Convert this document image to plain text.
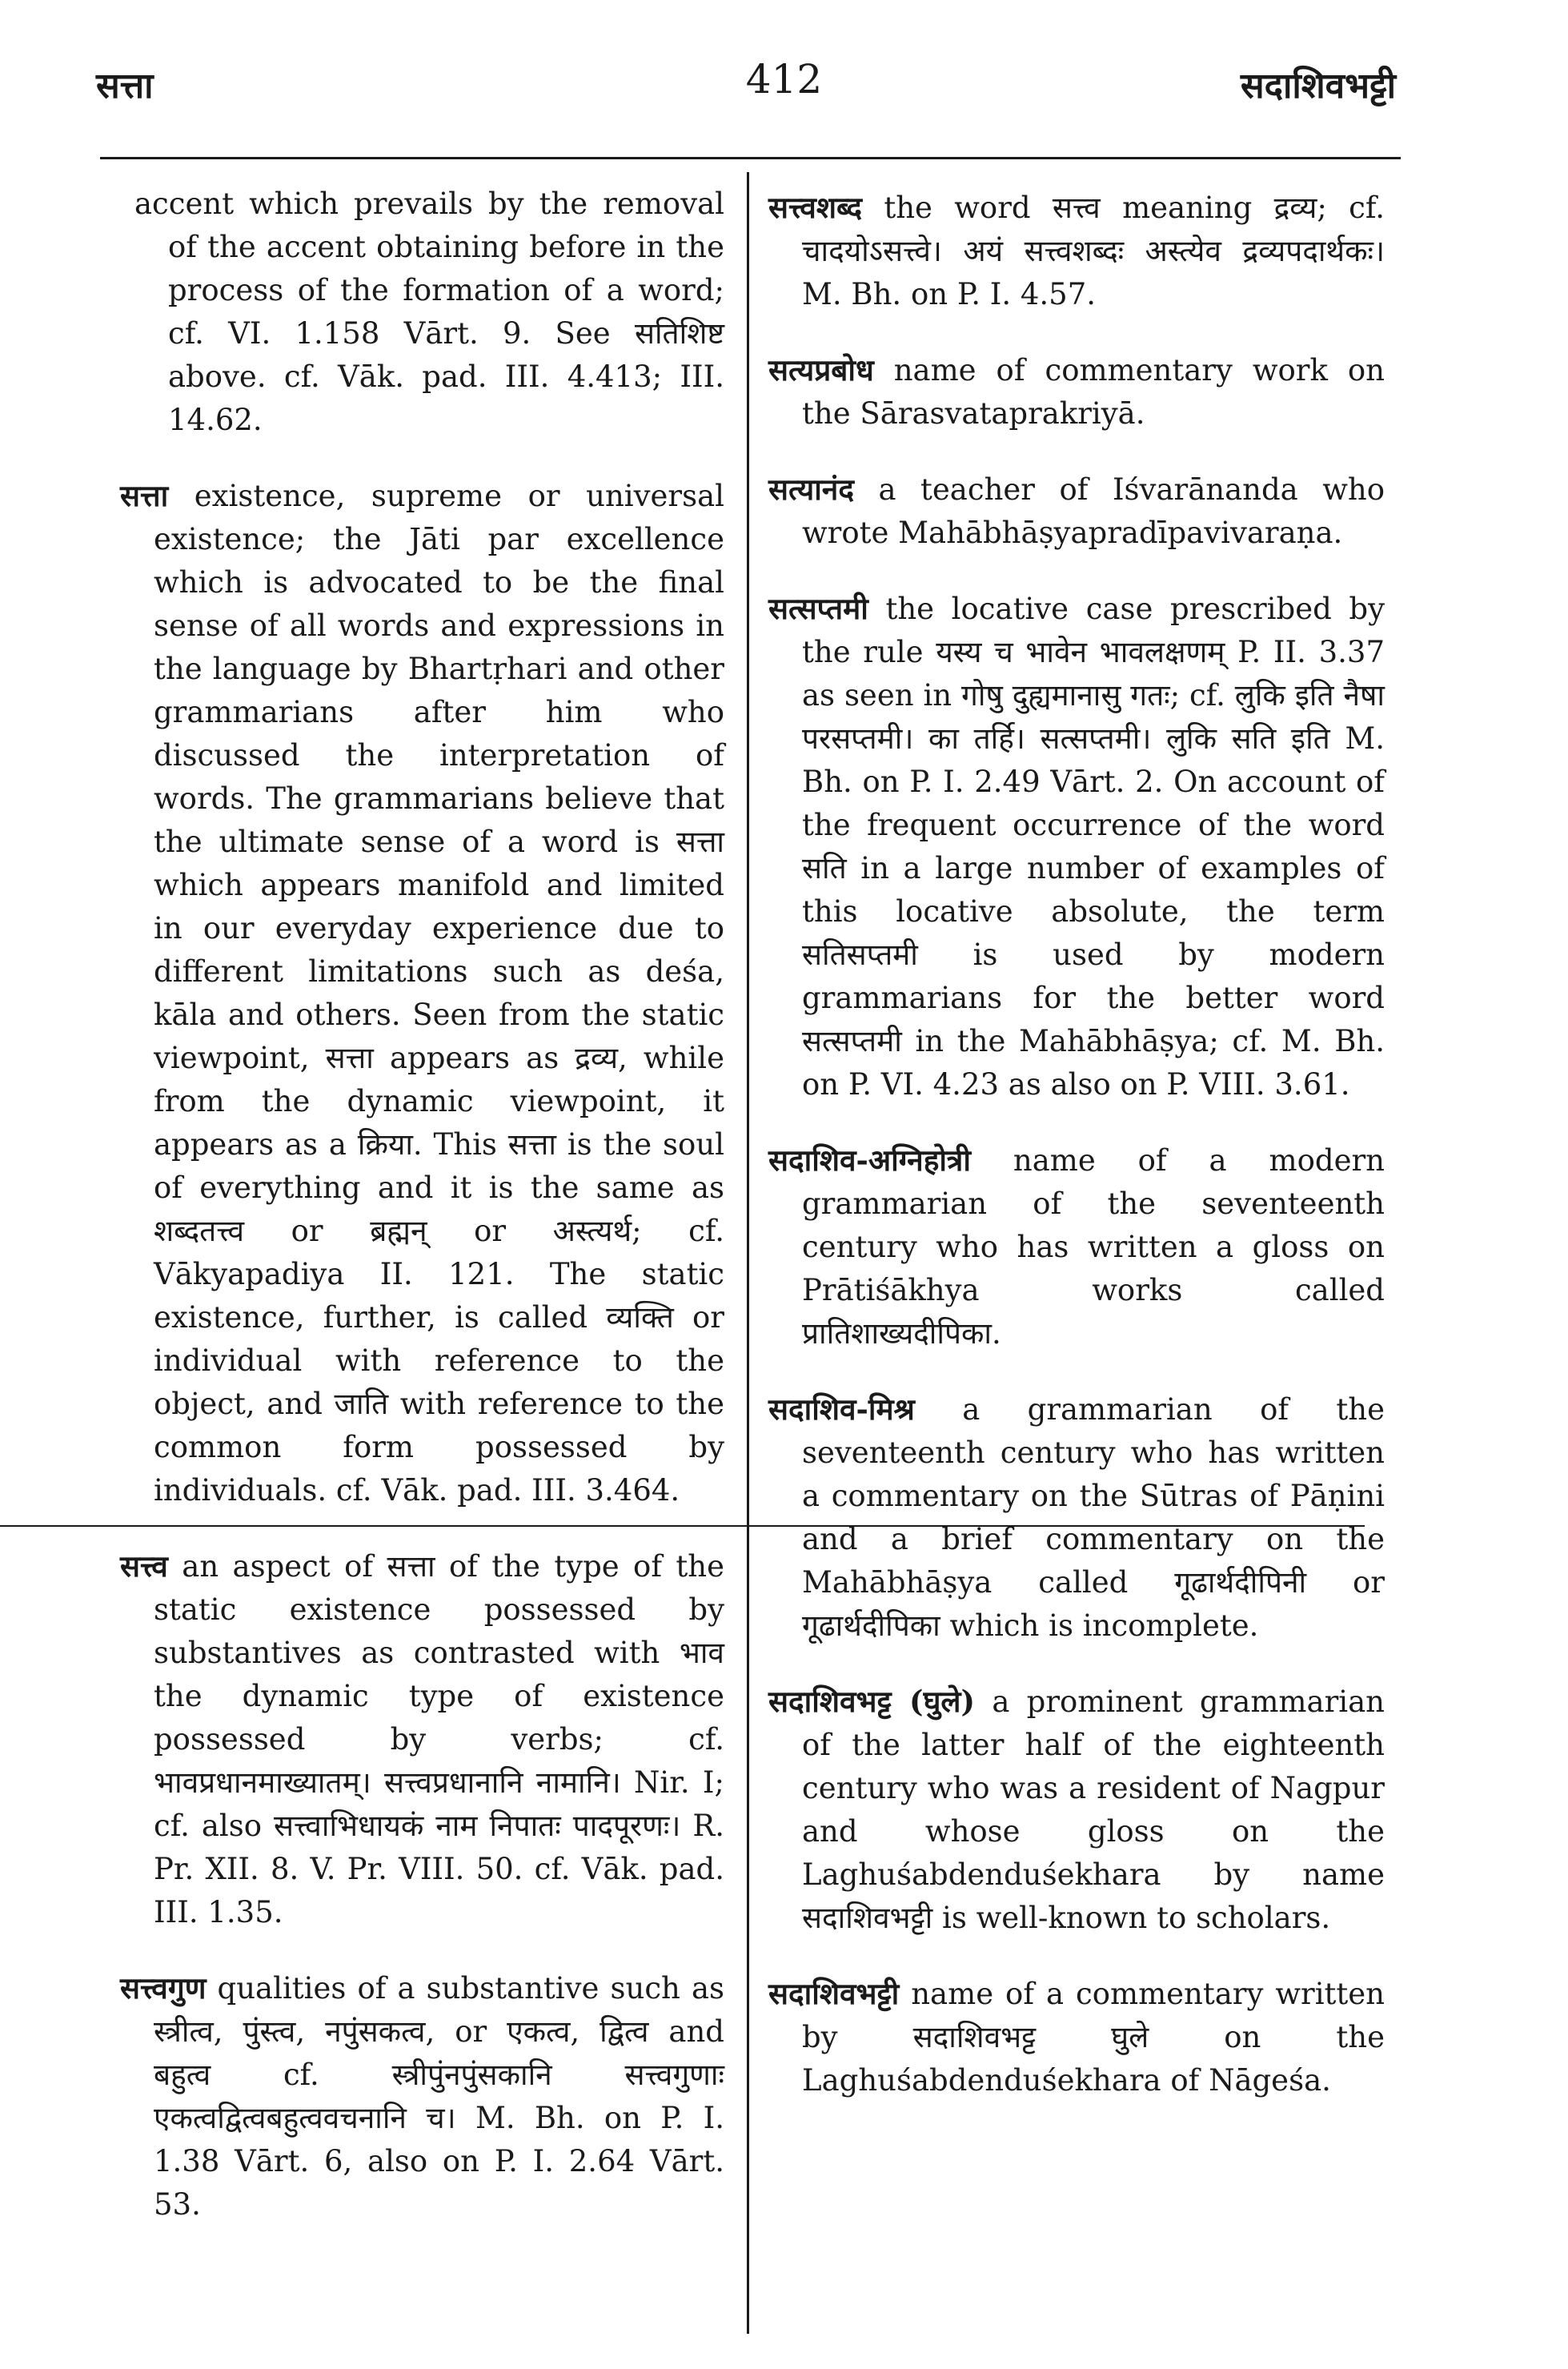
सत्ता	412	सदाशिवभट्टी
accent which prevails by the removal of the accent obtaining before in the process of the formation of a word; cf. VI. 1.158 Vārt. 9. See सतिशिष्ट above. cf. Vāk. pad. III. 4.413; III. 14.62.
सत्ता existence, supreme or universal existence; the Jāti par excellence which is advocated to be the final sense of all words and expressions in the language by Bhartṛhari and other grammarians after him who discussed the interpretation of words. The grammarians believe that the ultimate sense of a word is सत्ता which appears manifold and limited in our everyday experience due to different limitations such as deśa, kāla and others. Seen from the static viewpoint, सत्ता appears as द्रव्य, while from the dynamic viewpoint, it appears as a क्रिया. This सत्ता is the soul of everything and it is the same as शब्दतत्त्व or ब्रह्मन् or अस्त्यर्थ; cf. Vākyapadiya II. 121. The static existence, further, is called व्यक्ति or individual with reference to the object, and जाति with reference to the common form possessed by individuals. cf. Vāk. pad. III. 3.464.
सत्त्व an aspect of सत्ता of the type of the static existence possessed by substantives as contrasted with भाव the dynamic type of existence possessed by verbs; cf. भावप्रधानमाख्यातम्। सत्त्वप्रधानानि नामानि। Nir. I; cf. also सत्त्वाभिधायकं नाम निपातः पादपूरणः। R. Pr. XII. 8. V. Pr. VIII. 50. cf. Vāk. pad. III. 1.35.
सत्त्वगुण qualities of a substantive such as स्त्रीत्व, पुंस्त्व, नपुंसकत्व, or एकत्व, द्वित्व and बहुत्व cf. स्त्रीपुंनपुंसकानि सत्त्वगुणाः एकत्वद्वित्वबहुत्ववचनानि च। M. Bh. on P. I. 1.38 Vārt. 6, also on P. I. 2.64 Vārt. 53.
सत्त्वशब्द the word सत्त्व meaning द्रव्य; cf. चादयोऽसत्त्वे। अयं सत्त्वशब्दः अस्त्येव द्रव्यपदार्थकः। M. Bh. on P. I. 4.57.
सत्यप्रबोध name of commentary work on the Sārasvataprakriyā.
सत्यानंद a teacher of Iśvarānanda who wrote Mahābhāṣyapradīpavivaraṇa.
सत्सप्तमी the locative case prescribed by the rule यस्य च भावेन भावलक्षणम् P. II. 3.37 as seen in गोषु दुह्यमानासु गतः; cf. लुकि इति नैषा परसप्तमी। का तर्हि। सत्सप्तमी। लुकि सति इति M. Bh. on P. I. 2.49 Vārt. 2. On account of the frequent occurrence of the word सति in a large number of examples of this locative absolute, the term सतिसप्तमी is used by modern grammarians for the better word सत्सप्तमी in the Mahābhāṣya; cf. M. Bh. on P. VI. 4.23 as also on P. VIII. 3.61.
सदाशिव-अग्निहोत्री name of a modern grammarian of the seventeenth century who has written a gloss on Prātiśākhya works called प्रातिशाख्यदीपिका.
सदाशिव-मिश्र a grammarian of the seventeenth century who has written a commentary on the Sūtras of Pāṇini and a brief commentary on the Mahābhāṣya called गूढार्थदीपिनी or गूढार्थदीपिका which is incomplete.
सदाशिवभट्ट (घुले) a prominent grammarian of the latter half of the eighteenth century who was a resident of Nagpur and whose gloss on the Laghuśabdenduśekhara by name सदाशिवभट्टी is well-known to scholars.
सदाशिवभट्टी name of a commentary written by सदाशिवभट्ट घुले on the Laghuśabdenduśekhara of Nāgeśa.
